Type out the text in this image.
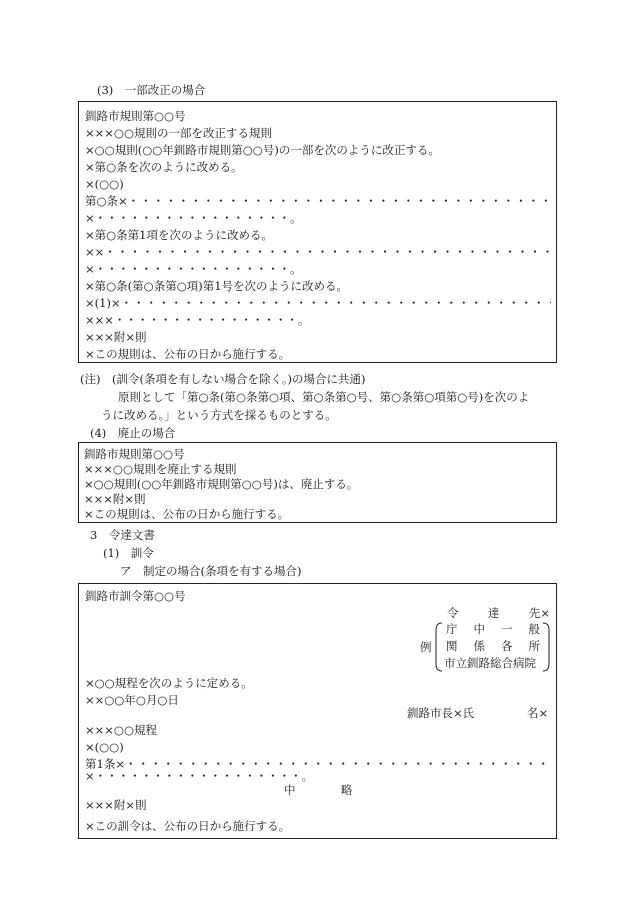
(3)　一部改正の場合
釧路市規則第○○号
×××○○規則の一部を改正する規則
×○○規則(○○年釧路市規則第○○号)の一部を次のように改正する。
×第○条を次のように改める。
×(○○)
第○条× ・・・・・・・・・・・・・・・・・・・・・・・・・・・・・・・・・・・・・・・・・・・・・・・・・・・・・・
×・・・・・・・・・・・・・・・・・。
×第○条第1項を次のように改める。
×× ・・・・・・・・・・・・・・・・・・・・・・・・・・・・・・・・・・・・・・・・・・・・・・・・・・・・・・
×・・・・・・・・・・・・・・・・・。
×第○条(第○条第○項)第1号を次のように改める。
×(1)× ・・・・・・・・・・・・・・・・・・・・・・・・・・・・・・・・・・・・・・・・・・・・・・・・・・・・・・
×××・・・・・・・・・・・・・・・・。
×××附×則
×この規則は、公布の日から施行する。
(注)　(訓令(条項を有しない場合を除く。)の場合に共通)
原則として「第○条(第○条第○項、第○条第○号、第○条第○項第○号)を次のよ
うに改める。」という方式を採るものとする。
(4)　廃止の場合
釧路市規則第○○号
×××○○規則を廃止する規則
×○○規則(○○年釧路市規則第○○号)は、廃止する。
×××附×則
×この規則は、公布の日から施行する。
3　令達文書
(1)　訓令
ア　制定の場合(条項を有する場合)
釧路市訓令第○○号
令	達	先×
例
庁 中 一 般
関 係 各 所
市立釧路総合病院
×○○規程を次のように定める。
××○○年○月○日
釧路市長×氏	名×
×××○○規程
×(○○)
第1条× ・・・・・・・・・・・・・・・・・・・・・・・・・・・・・・・・・・・・・・・・・・・・・・・・・・・・・・
×・・・・・・・・・・・・・・・・・・。
中	略
×××附×則
×この訓令は、公布の日から施行する。
